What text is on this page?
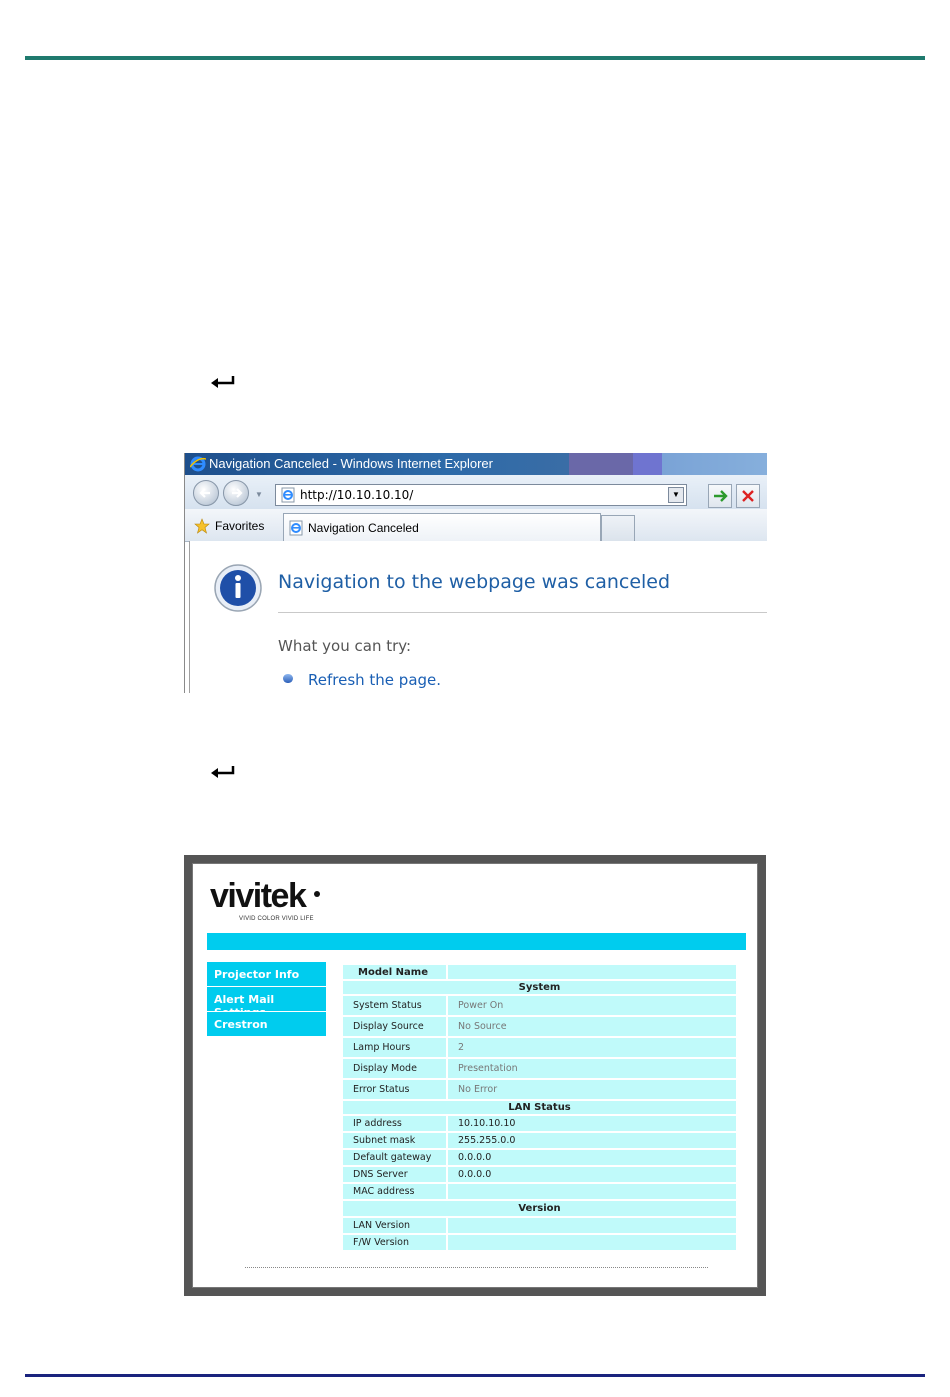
Navigation Canceled - Windows Internet Explorer
▼	http://10.10.10.10/	▼
Favorites	Navigation Canceled
Navigation to the webpage was canceled
What you can try:
Refresh the page.
vivitek
VIVID COLOR VIVID LIFE
Projector Info
Alert Mail
Crestron
Model Name	
System	
System Status	Power On
Display Source	No Source
Lamp Hours	2
Display Mode	Presentation
Error Status	No Error
LAN Status	
IP address	10.10.10.10
Subnet mask	255.255.0.0
Default gateway	0.0.0.0
DNS Server	0.0.0.0
MAC address	
Version	
LAN Version	
F/W Version	
